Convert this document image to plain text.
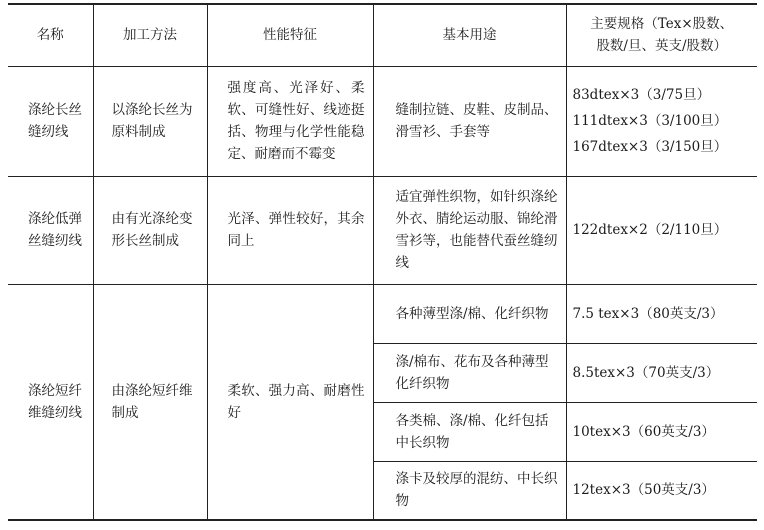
名称	加工方法	性能特征	基本用途	主要规格（Tex×股数、
股数/旦、英支/股数）

涤纶长丝缝纫线	以涤纶长丝为原料制成	强度高、光泽好、柔软、可缝性好、线迹挺括、物理与化学性能稳定、耐磨而不霉变	缝制拉链、皮鞋、皮制品、滑雪衫、手套等	83dtex×3（3/75旦）
111dtex×3（3/100旦）
167dtex×3（3/150旦）

涤纶低弹丝缝纫线	由有光涤纶变形长丝制成	光泽、弹性较好，其余同上	适宜弹性织物，如针织涤纶外衣、腈纶运动服、锦纶滑雪衫等，也能替代蚕丝缝纫线	122dtex×2（2/110旦）

涤纶短纤维缝纫线	由涤纶短纤维制成	柔软、强力高、耐磨性好	各种薄型涤/棉、化纤织物	7.5 tex×3（80英支/3）
			涤/棉布、花布及各种薄型化纤织物	8.5tex×3（70英支/3）
			各类棉、涤/棉、化纤包括中长织物	10tex×3（60英支/3）
			涤卡及较厚的混纺、中长织物	12tex×3（50英支/3）
